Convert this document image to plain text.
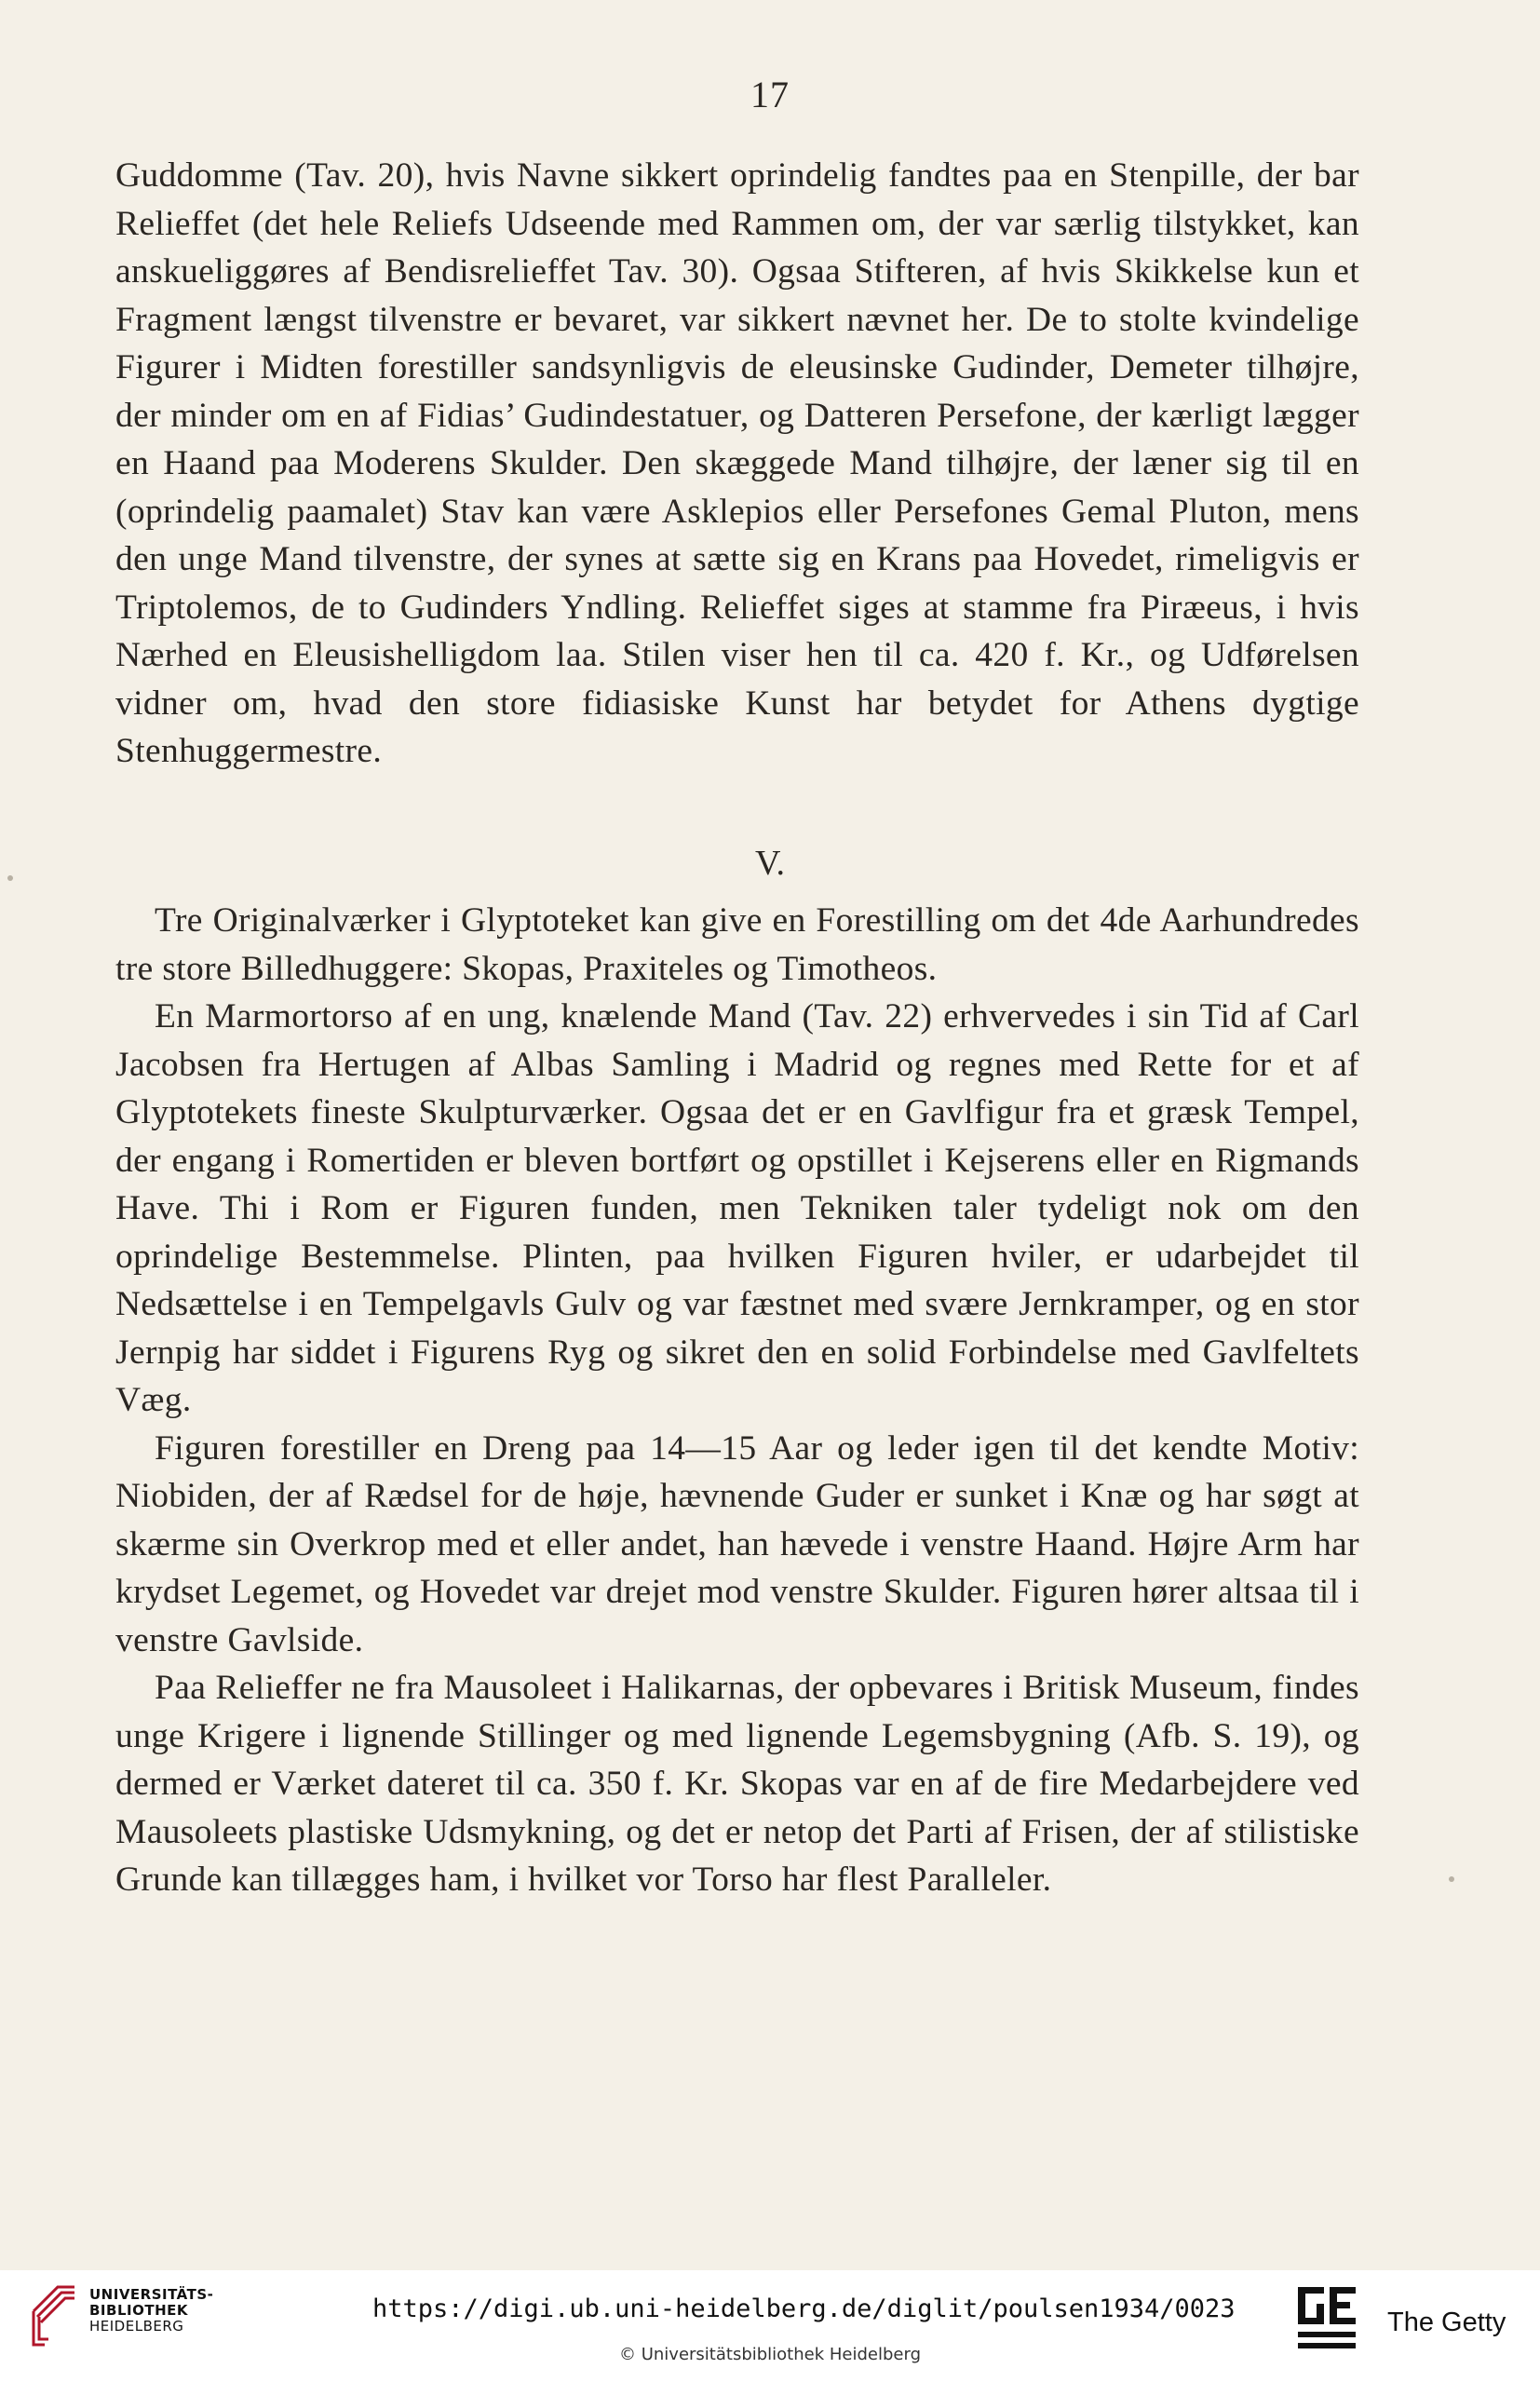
17

Guddomme (Tav. 20), hvis Navne sikkert oprindelig fandtes paa en Stenpille, der bar Relieffet (det hele Reliefs Udseende med Rammen om, der var særlig tilstykket, kan anskueliggøres af Bendisrelieffet Tav. 30). Ogsaa Stifteren, af hvis Skikkelse kun et Fragment længst tilvenstre er bevaret, var sikkert nævnet her. De to stolte kvindelige Figurer i Midten forestiller sandsynligvis de eleusinske Gudinder, Demeter tilhøjre, der minder om en af Fidias’ Gudindestatuer, og Datteren Persefone, der kærligt lægger en Haand paa Moderens Skulder. Den skæggede Mand tilhøjre, der læner sig til en (oprindelig paamalet) Stav kan være Asklepios eller Persefones Gemal Pluton, mens den unge Mand tilvenstre, der synes at sætte sig en Krans paa Hovedet, rimeligvis er Triptolemos, de to Gudinders Yndling. Relieffet siges at stamme fra Piræeus, i hvis Nærhed en Eleusishelligdom laa. Stilen viser hen til ca. 420 f. Kr., og Udførelsen vidner om, hvad den store fidiasiske Kunst har betydet for Athens dygtige Stenhuggermestre.

V.

Tre Originalværker i Glyptoteket kan give en Forestilling om det 4de Aarhundredes tre store Billedhuggere: Skopas, Praxiteles og Timotheos.

En Marmortorso af en ung, knælende Mand (Tav. 22) erhvervedes i sin Tid af Carl Jacobsen fra Hertugen af Albas Samling i Madrid og regnes med Rette for et af Glyptotekets fineste Skulpturværker. Ogsaa det er en Gavlfigur fra et græsk Tempel, der engang i Romertiden er bleven bortført og opstillet i Kejserens eller en Rigmands Have. Thi i Rom er Figuren funden, men Tekniken taler tydeligt nok om den oprindelige Bestemmelse. Plinten, paa hvilken Figuren hviler, er udarbejdet til Nedsættelse i en Tempelgavls Gulv og var fæstnet med svære Jernkramper, og en stor Jernpig har siddet i Figurens Ryg og sikret den en solid Forbindelse med Gavlfeltets Væg.

Figuren forestiller en Dreng paa 14—15 Aar og leder igen til det kendte Motiv: Niobiden, der af Rædsel for de høje, hævnende Guder er sunket i Knæ og har søgt at skærme sin Overkrop med et eller andet, han hævede i venstre Haand. Højre Arm har krydset Legemet, og Hovedet var drejet mod venstre Skulder. Figuren hører altsaa til i venstre Gavlside.

Paa Relieffer ne fra Mausoleet i Halikarnas, der opbevares i Britisk Museum, findes unge Krigere i lignende Stillinger og med lignende Legemsbygning (Afb. S. 19), og dermed er Værket dateret til ca. 350 f. Kr. Skopas var en af de fire Medarbejdere ved Mausoleets plastiske Udsmykning, og det er netop det Parti af Frisen, der af stilistiske Grunde kan tillægges ham, i hvilket vor Torso har flest Paralleler.

UNIVERSITÄTS-
BIBLIOTHEK
HEIDELBERG
https://digi.ub.uni-heidelberg.de/diglit/poulsen1934/0023
© Universitätsbibliothek Heidelberg
The Getty
